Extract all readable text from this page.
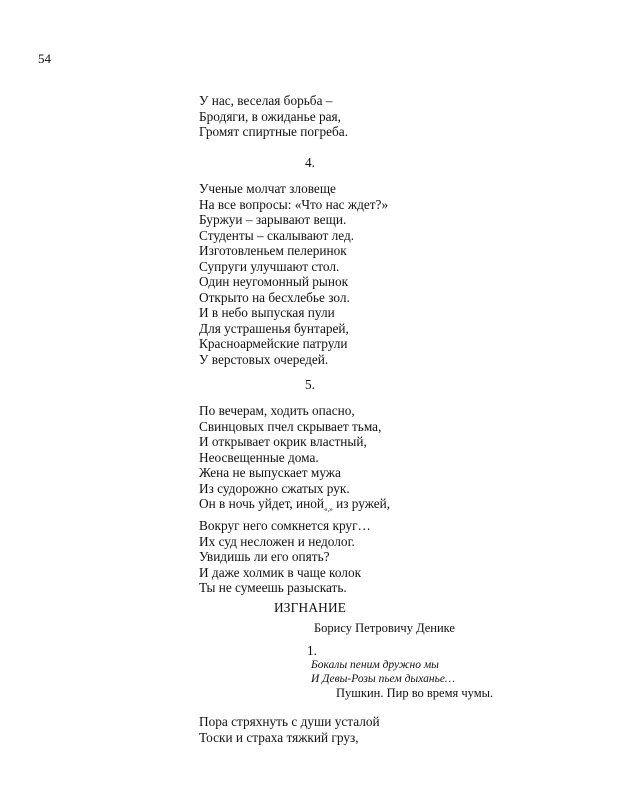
54
У нас, веселая борьба –
Бродяги, в ожиданье рая,
Громят спиртные погреба.
4.
Ученые молчат зловеще
На все вопросы: «Что нас ждет?»
Буржуи – зарывают вещи.
Студенты – скалывают лед.
Изготовленьем пелеринок
Супруги улучшают стол.
Один неугомонный рынок
Открыто на бесхлебье зол.
И в небо выпуская пули
Для устрашенья бунтарей,
Красноармейские патрули
У верстовых очередей.
5.
По вечерам, ходить опасно,
Свинцовых пчел скрывает тьма,
И открывает окрик властный,
Неосвещенные дома.
Жена не выпускает мужа
Из судорожно сжатых рук.
Он в ночь уйдет, иной$_{«,»}$ из ружей,
Вокруг него сомкнется круг…
Их суд несложен и недолог.
Увидишь ли его опять?
И даже холмик в чаще колок
Ты не сумеешь разыскать.
ИЗГНАНИЕ
Борису Петровичу Денике
1.
Бокалы пеним дружно мы
И Девы-Розы пьем дыханье…
Пушкин. Пир во время чумы.
Пора стряхнуть с души усталой
Тоски и страха тяжкий груз,
